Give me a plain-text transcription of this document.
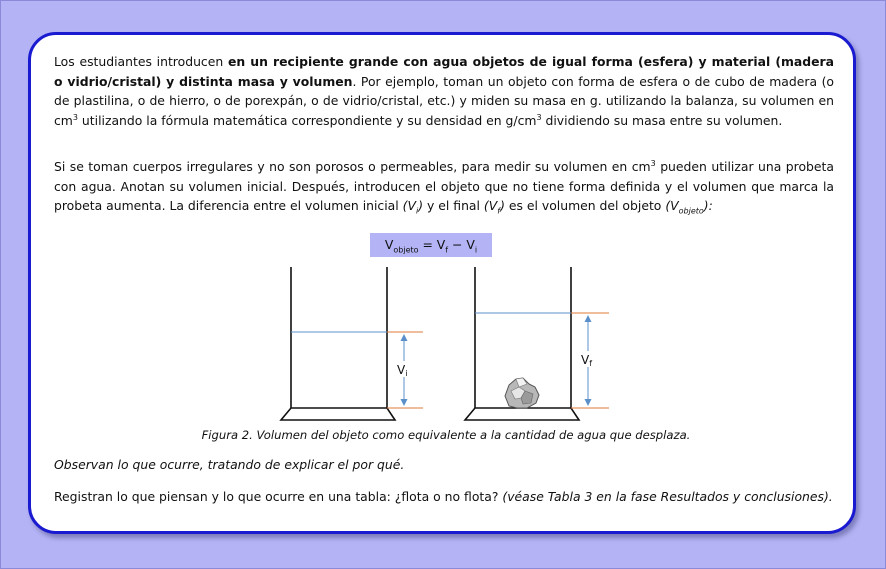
Los estudiantes introducen en un recipiente grande con agua objetos de igual forma (esfera) y material (madera o vidrio/cristal) y distinta masa y volumen. Por ejemplo, toman un objeto con forma de esfera o de cubo de madera (o de plastilina, o de hierro, o de porexpán, o de vidrio/cristal, etc.) y miden su masa en g. utilizando la balanza, su volumen en $cm^3$ utilizando la fórmula matemática correspondiente y su densidad en $g/cm^3$ dividiendo su masa entre su volumen.
Si se toman cuerpos irregulares y no son porosos o permeables, para medir su volumen en $cm^3$ pueden utilizar una probeta con agua. Anotan su volumen inicial. Después, introducen el objeto que no tiene forma definida y el volumen que marca la probeta aumenta. La diferencia entre el volumen inicial $(V_i)$ y el final $(V_f)$ es el volumen del objeto $(V_{objeto})$:
$V_{objeto} = V_f - V_i$
Vi
Vf
Figura 2. Volumen del objeto como equivalente a la cantidad de agua que desplaza.
Observan lo que ocurre, tratando de explicar el por qué.
Registran lo que piensan y lo que ocurre en una tabla: ¿flota o no flota? (véase Tabla 3 en la fase Resultados y conclusiones).
